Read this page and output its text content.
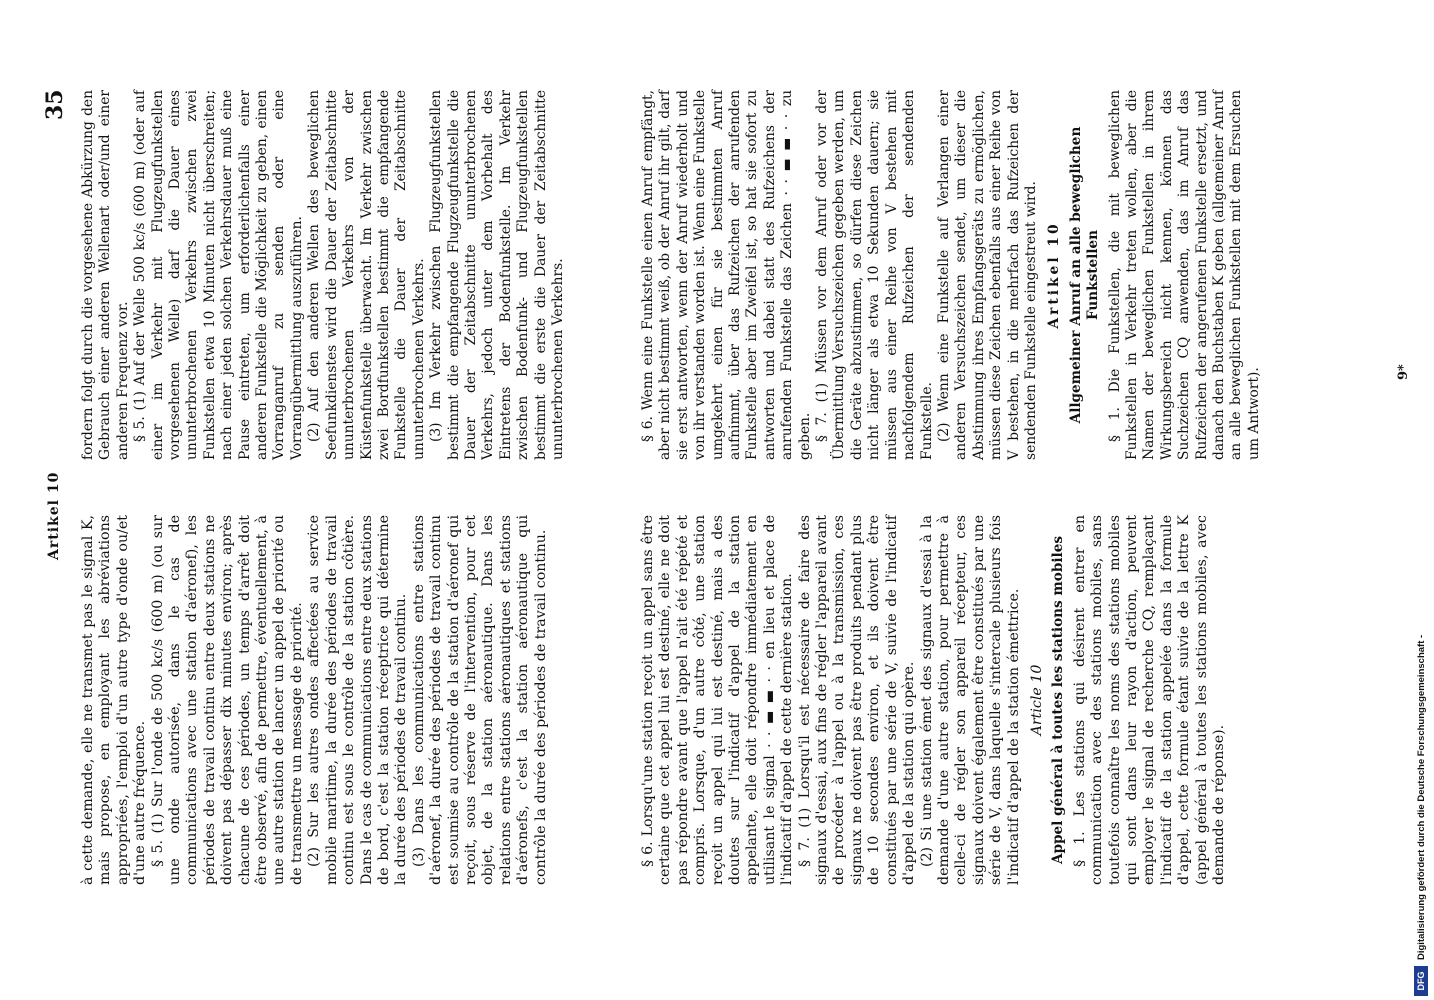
35
Artikel 10

fordern folgt durch die vorgesehene Abkürzung den Gebrauch einer anderen Wellenart oder/und einer anderen Frequenz vor. § 5. (1) Auf der Welle 500 kc/s (600 m) (oder auf einer im Verkehr mit Flugzeugfunkstellen vorgesehenen Welle) darf die Dauer eines ununterbrochenen Verkehrs zwischen zwei Funkstellen etwa 10 Minuten nicht überschreiten; nach einer jeden solchen Verkehrsdauer muß eine Pause eintreten, um erforderlichenfalls einer anderen Funkstelle die Möglichkeit zu geben, einen Vorranganruf zu senden oder eine Vorrangübermittlung auszuführen. (2) Auf den anderen Wellen des beweglichen Seefunkdienstes wird die Dauer der Zeitabschnitte ununterbrochenen Verkehrs von der Küstenfunkstelle überwacht. Im Verkehr zwischen zwei Bordfunkstellen bestimmt die empfangende Funkstelle die Dauer der Zeitabschnitte ununterbrochenen Verkehrs. (3) Im Verkehr zwischen Flugzeugfunkstellen bestimmt die empfangende Flugzeugfunkstelle die Dauer der Zeitabschnitte ununterbrochenen Verkehrs, jedoch unter dem Vorbehalt des Eintretens der Bodenfunkstelle. Im Verkehr zwischen Bodenfunk- und Flugzeugfunkstellen bestimmt die erste die Dauer der Zeitabschnitte ununterbrochenen Verkehrs.	§ 6. Wenn eine Funkstelle einen Anruf empfängt, aber nicht bestimmt weiß, ob der Anruf ihr gilt, darf sie erst antworten, wenn der Anruf wiederholt und von ihr verstanden worden ist. Wenn eine Funkstelle umgekehrt einen für sie bestimmten Anruf aufnimmt, über das Rufzeichen der anrufenden Funkstelle aber im Zweifel ist, so hat sie sofort zu antworten und dabei statt des Rufzeichens der anrufenden Funkstelle das Zeichen · · ▬ ▬ · · zu geben. § 7. (1) Müssen vor dem Anruf oder vor der Übermittlung Versuchszeichen gegeben werden, um die Geräte abzustimmen, so dürfen diese Zeichen nicht länger als etwa 10 Sekunden dauern; sie müssen aus einer Reihe von V bestehen mit nachfolgendem Rufzeichen der sendenden Funkstelle. (2) Wenn eine Funkstelle auf Verlangen einer anderen Versuchszeichen sendet, um dieser die Abstimmung ihres Empfangsgeräts zu ermöglichen, müssen diese Zeichen ebenfalls aus einer Reihe von V bestehen, in die mehrfach das Rufzeichen der sendenden Funkstelle eingestreut wird. Artikel 10 Allgemeiner Anruf an alle beweglichen Funkstellen § 1. Die Funkstellen, die mit beweglichen Funkstellen in Verkehr treten wollen, aber die Namen der beweglichen Funkstellen in ihrem Wirkungsbereich nicht kennen, können das Suchzeichen CQ anwenden, das im Anruf das Rufzeichen der angerufenen Funkstelle ersetzt, und danach den Buchstaben K geben (allgemeiner Anruf an alle beweglichen Funkstellen mit dem Ersuchen um Antwort).

à cette demande, elle ne transmet pas le signal K, mais propose, en employant les abréviations appropriées, l'emploi d'un autre type d'onde ou/et d'une autre fréquence. § 5. (1) Sur l'onde de 500 kc/s (600 m) (ou sur une onde autorisée, dans le cas de communications avec une station d'aéronef), les périodes de travail continu entre deux stations ne doivent pas dépasser dix minutes environ; après chacune de ces périodes, un temps d'arrêt doit être observé, afin de permettre, éventuellement, à une autre station de lancer un appel de priorité ou de transmettre un message de priorité. (2) Sur les autres ondes affectées au service mobile maritime, la durée des périodes de travail continu est sous le contrôle de la station côtière. Dans le cas de communications entre deux stations de bord, c'est la station réceptrice qui détermine la durée des périodes de travail continu. (3) Dans les communications entre stations d'aéronef, la durée des périodes de travail continu est soumise au contrôle de la station d'aéronef qui reçoit, sous réserve de l'intervention, pour cet objet, de la station aéronautique. Dans les relations entre stations aéronautiques et stations d'aéronefs, c'est la station aéronautique qui contrôle la durée des périodes de travail continu.	§ 6. Lorsqu'une station reçoit un appel sans être certaine que cet appel lui est destiné, elle ne doit pas répondre avant que l'appel n'ait été répété et compris. Lorsque, d'un autre côté, une station reçoit un appel qui lui est destiné, mais a des doutes sur l'indicatif d'appel de la station appelante, elle doit répondre immédiatement en utilisant le signal · · ▬ ▬ · · en lieu et place de l'indicatif d'appel de cette dernière station. § 7. (1) Lorsqu'il est nécessaire de faire des signaux d'essai, aux fins de régler l'appareil avant de procéder à l'appel ou à la transmission, ces signaux ne doivent pas être produits pendant plus de 10 secondes environ, et ils doivent être constitués par une série de V, suivie de l'indicatif d'appel de la station qui opère. (2) Si une station émet des signaux d'essai à la demande d'une autre station, pour permettre à celle-ci de régler son appareil récepteur, ces signaux doivent également être constitués par une série de V, dans laquelle s'intercale plusieurs fois l'indicatif d'appel de la station émettrice. Article 10 Appel général à toutes les stations mobiles § 1. Les stations qui désirent entrer en communication avec des stations mobiles, sans toutefois connaître les noms des stations mobiles qui sont dans leur rayon d'action, peuvent employer le signal de recherche CQ, remplaçant l'indicatif de la station appelée dans la formule d'appel, cette formule étant suivie de la lettre K (appel général à toutes les stations mobiles, avec demande de réponse).

9*
DFG
Digitalisierung gefördert durch die Deutsche Forschungsgemeinschaft -
